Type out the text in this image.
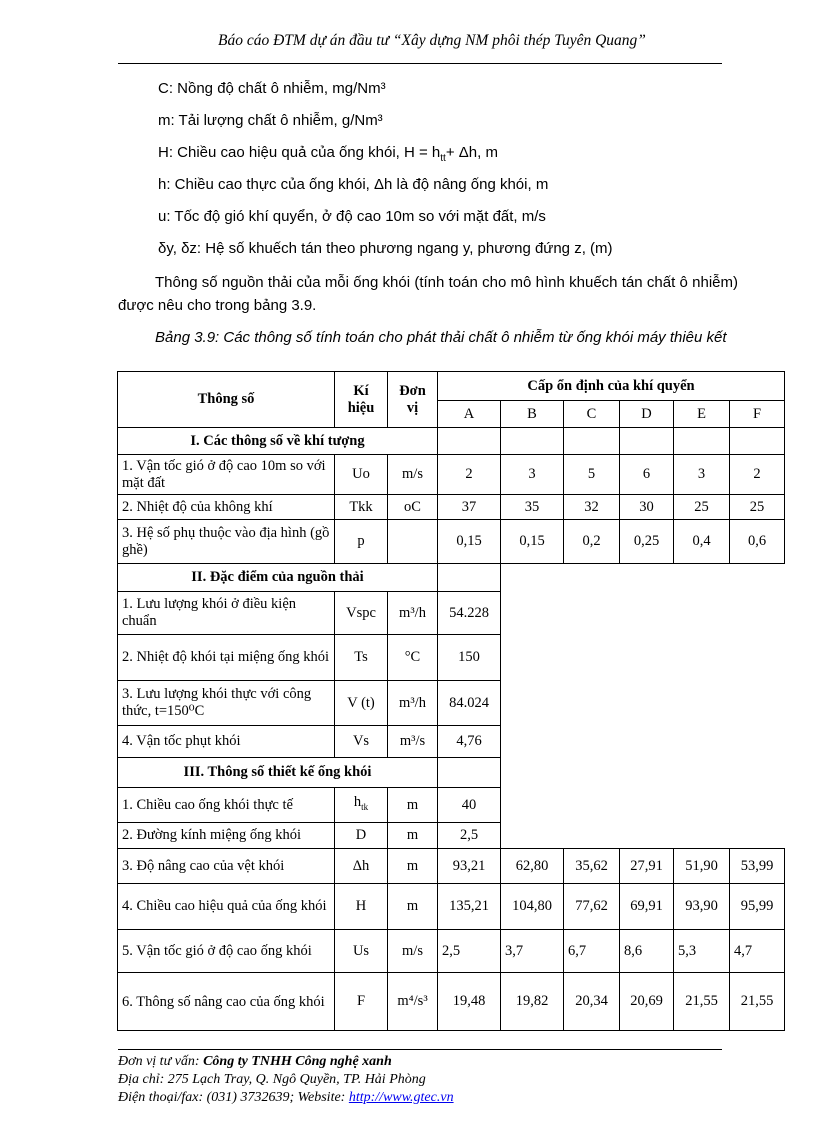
Báo cáo ĐTM dự án đầu tư “Xây dựng NM phôi thép Tuyên Quang”
C: Nồng độ chất ô nhiễm, mg/Nm³
m: Tải lượng chất ô nhiễm, g/Nm³
H: Chiều cao hiệu quả của ống khói, $H = h_{tt}+ \Delta h$, m
h: Chiều cao thực của ống khói, Δh là độ nâng ống khói, m
u: Tốc độ gió khí quyển, ở độ cao 10m so với mặt đất, m/s
δy, δz: Hệ số khuếch tán theo phương ngang y, phương đứng z, (m)
Thông số nguồn thải của mỗi ống khói (tính toán cho mô hình khuếch tán chất ô nhiễm) được nêu cho trong bảng 3.9.
Bảng 3.9: Các thông số tính toán cho phát thải chất ô nhiễm từ ống khói máy thiêu kết
Thông số	Kí hiệu	Đơn vị	Cấp ổn định của khí quyển					
			A	B	C	D	E	F
I. Các thông số về khí tượng								
1. Vận tốc gió ở độ cao 10m so với mặt đất	Uo	m/s	2	3	5	6	3	2
2. Nhiệt độ của không khí	Tkk	oC	37	35	32	30	25	25
3. Hệ số phụ thuộc vào địa hình (gồ ghề)	p		0,15	0,15	0,2	0,25	0,4	0,6
II. Đặc điểm của nguồn thải								
1. Lưu lượng khói ở điều kiện chuẩn	Vspc	m³/h	54.228					
2. Nhiệt độ khói tại miệng ống khói	Ts	°C	150					
3. Lưu lượng khói thực với công thức, t=150⁰C	V (t)	m³/h	84.024					
4. Vận tốc phụt khói	Vs	m³/s	4,76					
III. Thông số thiết kế ống khói								
1. Chiều cao ống khói thực tế	$h_{tk}$	m	40					
2. Đường kính miệng ống khói	D	m	2,5					
3. Độ nâng cao của vệt khói	Δh	m	93,21	62,80	35,62	27,91	51,90	53,99
4. Chiều cao hiệu quả của ống khói	H	m	135,21	104,80	77,62	69,91	93,90	95,99
5. Vận tốc gió ở độ cao ống khói	Us	m/s	2,5	3,7	6,7	8,6	5,3	4,7
6. Thông số nâng cao của ống khói	F	m⁴/s³	19,48	19,82	20,34	20,69	21,55	21,55
Đơn vị tư vấn: Công ty TNHH Công nghệ xanh
Địa chỉ: 275 Lạch Tray, Q. Ngô Quyền, TP. Hải Phòng
Điện thoại/fax: (031) 3732639; Website: http://www.gtec.vn
